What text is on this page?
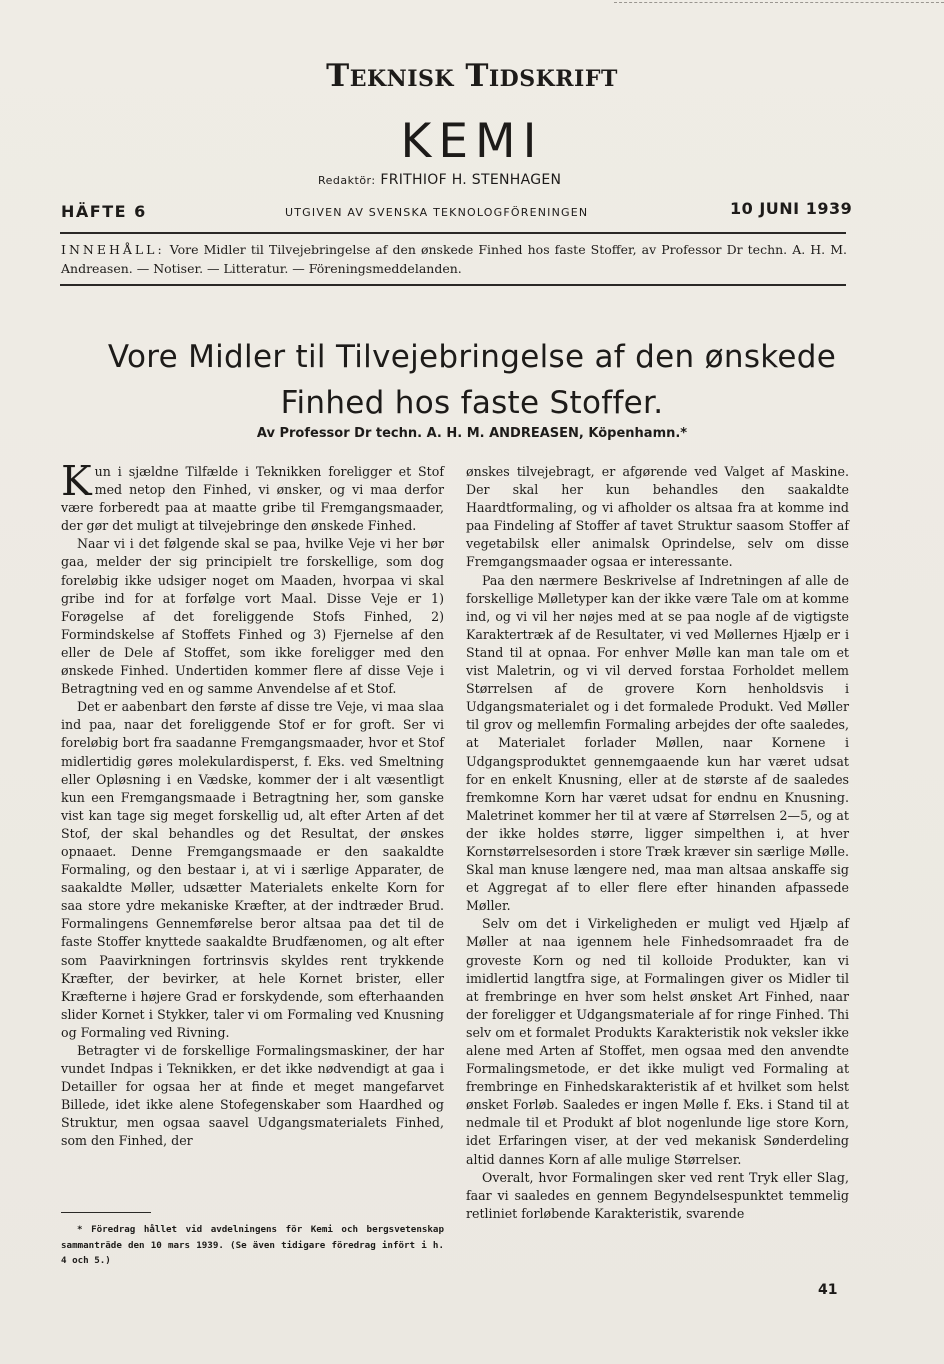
Teknisk Tidskrift
KEMI
Redaktör: FRITHIOF H. STENHAGEN
HÄFTE 6	UTGIVEN AV SVENSKA TEKNOLOGFÖRENINGEN	10 JUNI 1939
INNEHÅLL: Vore Midler til Tilvejebringelse af den ønskede Finhed hos faste Stoffer, av Professor Dr techn. A. H. M. Andreasen. — Notiser. — Litteratur. — Föreningsmeddelanden.
Vore Midler til Tilvejebringelse af den ønskede
Finhed hos faste Stoffer.
Av Professor Dr techn. A. H. M. ANDREASEN, Köpenhamn.*

Kun i sjældne Tilfælde i Teknikken foreligger et Stof med netop den Finhed, vi ønsker, og vi maa derfor være forberedt paa at maatte gribe til Fremgangsmaader, der gør det muligt at tilvejebringe den ønskede Finhed.

Naar vi i det følgende skal se paa, hvilke Veje vi her bør gaa, melder der sig principielt tre forskellige, som dog foreløbig ikke udsiger noget om Maaden, hvorpaa vi skal gribe ind for at forfølge vort Maal. Disse Veje er 1) Forøgelse af det foreliggende Stofs Finhed, 2) Formindskelse af Stoffets Finhed og 3) Fjernelse af den eller de Dele af Stoffet, som ikke foreligger med den ønskede Finhed. Undertiden kommer flere af disse Veje i Betragtning ved en og samme Anvendelse af et Stof.

Det er aabenbart den første af disse tre Veje, vi maa slaa ind paa, naar det foreliggende Stof er for groft. Ser vi foreløbig bort fra saadanne Fremgangsmaader, hvor et Stof midlertidig gøres molekulardisperst, f. Eks. ved Smeltning eller Opløsning i en Vædske, kommer der i alt væsentligt kun een Fremgangsmaade i Betragtning her, som ganske vist kan tage sig meget forskellig ud, alt efter Arten af det Stof, der skal behandles og det Resultat, der ønskes opnaaet. Denne Fremgangsmaade er den saakaldte Formaling, og den bestaar i, at vi i særlige Apparater, de saakaldte Møller, udsætter Materialets enkelte Korn for saa store ydre mekaniske Kræfter, at der indtræder Brud. Formalingens Gennemførelse beror altsaa paa det til de faste Stoffer knyttede saakaldte Brudfænomen, og alt efter som Paavirkningen fortrinsvis skyldes rent trykkende Kræfter, der bevirker, at hele Kornet brister, eller Kræfterne i højere Grad er forskydende, som efterhaanden slider Kornet i Stykker, taler vi om Formaling ved Knusning og Formaling ved Rivning.

Betragter vi de forskellige Formalingsmaskiner, der har vundet Indpas i Teknikken, er det ikke nødvendigt at gaa i Detailler for ogsaa her at finde et meget mangefarvet Billede, idet ikke alene Stofegenskaber som Haardhed og Struktur, men ogsaa saavel Udgangsmaterialets Finhed, som den Finhed, der

* Föredrag hållet vid avdelningens för Kemi och bergsvetenskap sammanträde den 10 mars 1939. (Se även tidigare föredrag infört i h. 4 och 5.)

ønskes tilvejebragt, er afgørende ved Valget af Maskine. Der skal her kun behandles den saakaldte Haardtformaling, og vi afholder os altsaa fra at komme ind paa Findeling af Stoffer af tavet Struktur saasom Stoffer af vegetabilsk eller animalsk Oprindelse, selv om disse Fremgangsmaader ogsaa er interessante.

Paa den nærmere Beskrivelse af Indretningen af alle de forskellige Mølletyper kan der ikke være Tale om at komme ind, og vi vil her nøjes med at se paa nogle af de vigtigste Karaktertræk af de Resultater, vi ved Møllernes Hjælp er i Stand til at opnaa. For enhver Mølle kan man tale om et vist Maletrin, og vi vil derved forstaa Forholdet mellem Størrelsen af de grovere Korn henholdsvis i Udgangsmaterialet og i det formalede Produkt. Ved Møller til grov og mellemfin Formaling arbejdes der ofte saaledes, at Materialet forlader Møllen, naar Kornene i Udgangsproduktet gennemgaaende kun har været udsat for en enkelt Knusning, eller at de største af de saaledes fremkomne Korn har været udsat for endnu en Knusning. Maletrinet kommer her til at være af Størrelsen 2—5, og at der ikke holdes større, ligger simpelthen i, at hver Kornstørrelsesorden i store Træk kræver sin særlige Mølle. Skal man knuse længere ned, maa man altsaa anskaffe sig et Aggregat af to eller flere efter hinanden afpassede Møller.

Selv om det i Virkeligheden er muligt ved Hjælp af Møller at naa igennem hele Finhedsomraadet fra de groveste Korn og ned til kolloide Produkter, kan vi imidlertid langtfra sige, at Formalingen giver os Midler til at frembringe en hver som helst ønsket Art Finhed, naar der foreligger et Udgangsmateriale af for ringe Finhed. Thi selv om et formalet Produkts Karakteristik nok veksler ikke alene med Arten af Stoffet, men ogsaa med den anvendte Formalingsmetode, er det ikke muligt ved Formaling at frembringe en Finhedskarakteristik af et hvilket som helst ønsket Forløb. Saaledes er ingen Mølle f. Eks. i Stand til at nedmale til et Produkt af blot nogenlunde lige store Korn, idet Erfaringen viser, at der ved mekanisk Sønderdeling altid dannes Korn af alle mulige Størrelser.

Overalt, hvor Formalingen sker ved rent Tryk eller Slag, faar vi saaledes en gennem Begyndelsespunktet temmelig retliniet forløbende Karakteristik, svarende

41
